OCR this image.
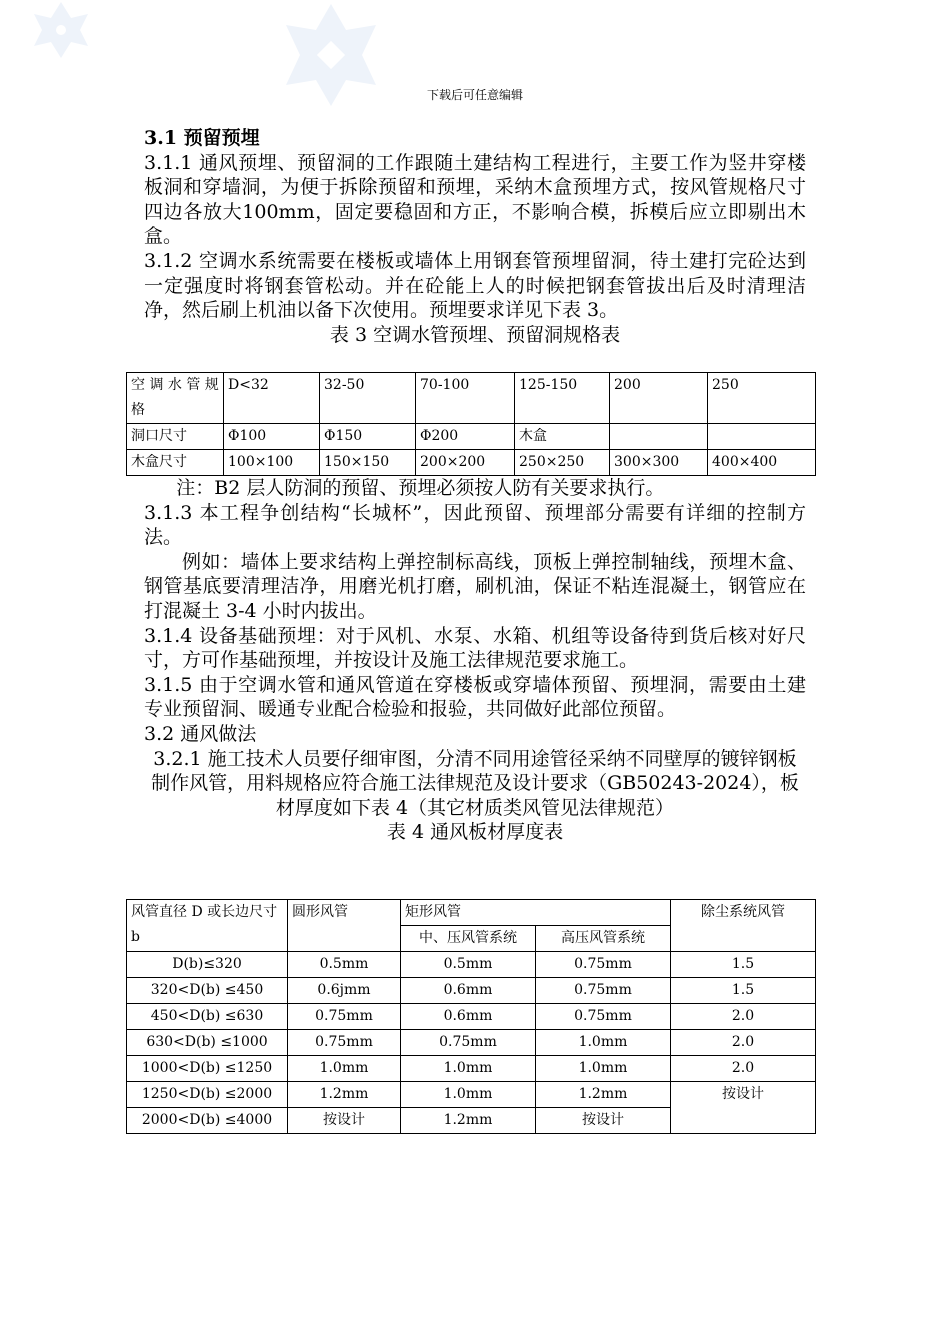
下载后可任意编辑

3.1 预留预埋

3.1.1 通风预埋、预留洞的工作跟随土建结构工程进行，主要工作为竖井穿楼板洞和穿墙洞，为便于拆除预留和预埋，采纳木盒预埋方式，按风管规格尺寸四边各放大100mm，固定要稳固和方正，不影响合模，拆模后应立即剔出木盒。

3.1.2 空调水系统需要在楼板或墙体上用钢套管预埋留洞，待土建打完砼达到一定强度时将钢套管松动。并在砼能上人的时候把钢套管拔出后及时清理洁净，然后刷上机油以备下次使用。预埋要求详见下表 3。

表 3 空调水管预埋、预留洞规格表
空 调 水 管 规格	D<32	32-50	70-100	125-150	200	250
洞口尺寸	Φ100	Φ150	Φ200	木盒		
木盒尺寸	100×100	150×150	200×200	250×250	300×300	400×400

注：B2 层人防洞的预留、预埋必须按人防有关要求执行。

3.1.3 本工程争创结构“长城杯”，因此预留、预埋部分需要有详细的控制方法。

例如：墙体上要求结构上弹控制标高线，顶板上弹控制轴线，预埋木盒、钢管基底要清理洁净，用磨光机打磨，刷机油，保证不粘连混凝土，钢管应在打混凝土 3-4 小时内拔出。

3.1.4 设备基础预埋：对于风机、水泵、水箱、机组等设备待到货后核对好尺寸，方可作基础预埋，并按设计及施工法律规范要求施工。

3.1.5 由于空调水管和通风管道在穿楼板或穿墙体预留、预埋洞，需要由土建专业预留洞、暖通专业配合检验和报验，共同做好此部位预留。

3.2 通风做法

3.2.1 施工技术人员要仔细审图，分清不同用途管径采纳不同壁厚的镀锌钢板制作风管，用料规格应符合施工法律规范及设计要求（GB50243-2024），板材厚度如下表 4（其它材质类风管见法律规范）

表 4 通风板材厚度表
风管直径 D 或长边尺寸 b	圆形风管	矩形风管		除尘系统风管
		中、压风管系统	高压风管系统	
D(b)≤320	0.5mm	0.5mm	0.75mm	1.5
320<D(b) ≤450	0.6jmm	0.6mm	0.75mm	1.5
450<D(b) ≤630	0.75mm	0.6mm	0.75mm	2.0
630<D(b) ≤1000	0.75mm	0.75mm	1.0mm	2.0
1000<D(b) ≤1250	1.0mm	1.0mm	1.0mm	2.0
1250<D(b) ≤2000	1.2mm	1.0mm	1.2mm	按设计
2000<D(b) ≤4000	按设计	1.2mm	按设计	
